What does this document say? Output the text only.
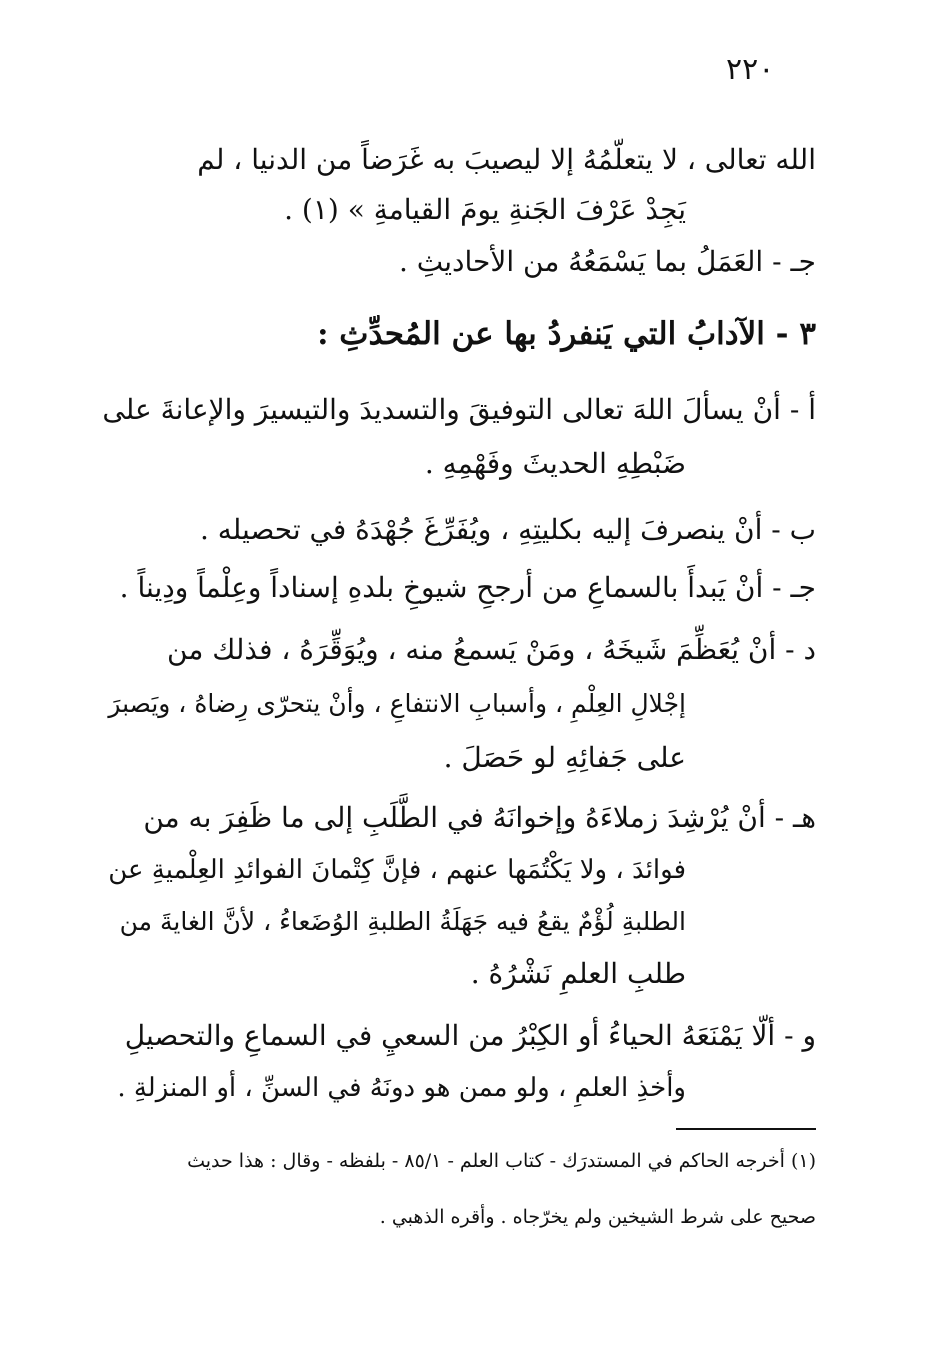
٢٢٠
الله تعالى ، لا يتعلّمُهُ إلا ليصيبَ به غَرَضاً من الدنيا ، لم
يَجِدْ عَرْفَ الجَنةِ يومَ القيامةِ » (١) .
جـ - العَمَلُ بما يَسْمَعُهُ من الأحاديثِ .
٣ - الآدابُ التي يَنفردُ بها عن المُحدِّثِ :
أ - أنْ يسألَ اللهَ تعالى التوفيقَ والتسديدَ والتيسيرَ والإعانةَ على
ضَبْطِهِ الحديثَ وفَهْمِهِ .
ب - أنْ ينصرفَ إليه بكليتِهِ ، ويُفَرِّغَ جُهْدَهُ في تحصيله .
جـ - أنْ يَبدأَ بالسماعِ من أرجحِ شيوخِ بلدهِ إسناداً وعِلْماً ودِيناً .
د - أنْ يُعَظِّمَ شَيخَهُ ، ومَنْ يَسمعُ منه ، ويُوَقِّرَهُ ، فذلك من
إجْلالِ العِلْمِ ، وأسبابِ الانتفاعِ ، وأنْ يتحرّى رِضاهُ ، ويَصبرَ
على جَفائِهِ لو حَصَلَ .
هـ - أنْ يُرْشِدَ زملاءَهُ وإخوانَهُ في الطَّلَبِ إلى ما ظَفِرَ به من
فوائدَ ، ولا يَكْتُمَها عنهم ، فإنَّ كِتْمانَ الفوائدِ العِلْميةِ عن
الطلبةِ لُؤْمٌ يقعُ فيه جَهَلَةُ الطلبةِ الوُضَعاءُ ، لأنَّ الغايةَ من
طلبِ العلمِ نَشْرُهُ .
و - ألّا يَمْنَعَهُ الحياءُ أو الكِبْرُ من السعيِ في السماعِ والتحصيلِ
وأخذِ العلمِ ، ولو ممن هو دونَهُ في السنِّ ، أو المنزلةِ .
(١) أخرجه الحاكم في المستدرَك - كتاب العلم - ٨٥/١ - بلفظه - وقال : هذا حديث
صحيح على شرط الشيخين ولم يخرّجاه . وأقره الذهبي .
